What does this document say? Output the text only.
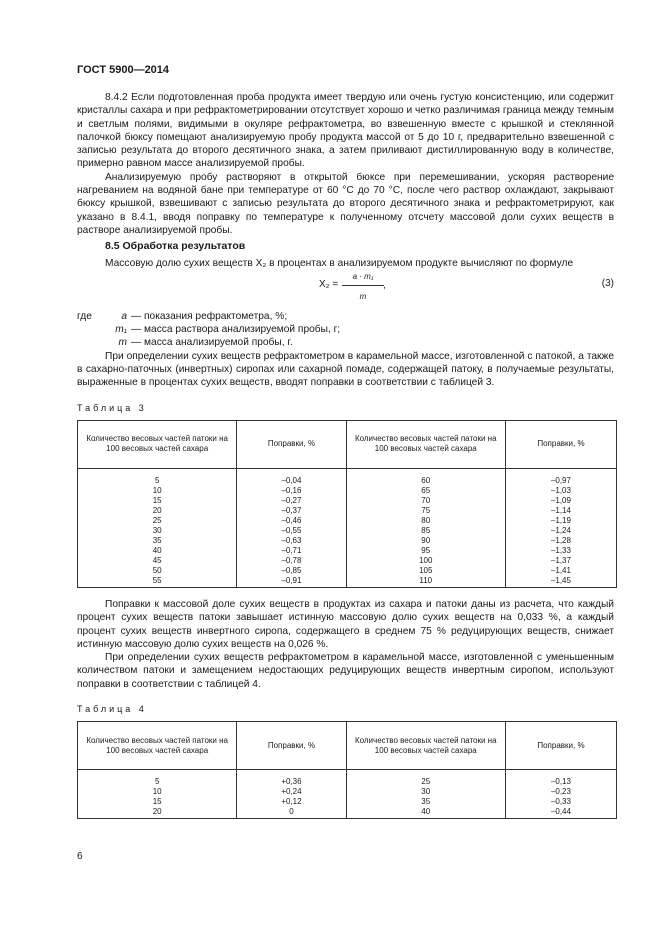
ГОСТ 5900—2014

8.4.2 Если подготовленная проба продукта имеет твердую или очень густую консистенцию, или содержит кристаллы сахара и при рефрактометрировании отсутствует хорошо и четко различимая граница между темным и светлым полями, видимыми в окуляре рефрактометра, во взвешенную вместе с крышкой и стеклянной палочкой бюксу помещают анализируемую пробу продукта массой от 5 до 10 г, предварительно взвешенной с записью результата до второго десятичного знака, а затем приливают дистиллированную воду в количестве, примерно равном массе анализируемой пробы.

Анализируемую пробу растворяют в открытой бюксе при перемешивании, ускоряя растворение нагреванием на водяной бане при температуре от 60 °С до 70 °С, после чего раствор охлаждают, закрывают бюксу крышкой, взвешивают с записью результата до второго десятичного знака и рефрактометрируют, как указано в 8.4.1, вводя поправку по температуре к полученному отсчету массовой доли сухих веществ в растворе анализируемой пробы.

8.5 Обработка результатов

Массовую долю сухих веществ X₂ в процентах в анализируемом продукте вычисляют по формуле

$X_2 = \frac{\text{a · m₁}}{m}$ ,	(3)
где	a — показания рефрактометра, %;
m₁ — масса раствора анализируемой пробы, г;
m — масса анализируемой пробы, г.

При определении сухих веществ рефрактометром в карамельной массе, изготовленной с патокой, а также в сахарно-паточных (инвертных) сиропах или сахарной помаде, содержащей патоку, в получаемые результаты, выраженные в процентах сухих веществ, вводят поправки в соответствии с таблицей 3.

Таблица 3
Количество весовых частей патоки на 100 весовых частей сахара	Поправки, %	Количество весовых частей патоки на 100 весовых частей сахара	Поправки, %
5	–0,04	60	–0,97
10	–0,16	65	–1,03
15	–0,27	70	–1,09
20	–0,37	75	–1,14
25	–0,46	80	–1,19
30	–0,55	85	–1,24
35	–0,63	90	–1,28
40	–0,71	95	–1,33
45	–0,78	100	–1,37
50	–0,85	105	–1,41
55	–0,91	110	–1,45

Поправки к массовой доле сухих веществ в продуктах из сахара и патоки даны из расчета, что каждый процент сухих веществ патоки завышает истинную массовую долю сухих веществ на 0,033 %, а каждый процент сухих веществ инвертного сиропа, содержащего в среднем 75 % редуцирующих веществ, снижает истинную массовую долю сухих веществ на 0,026 %.

При определении сухих веществ рефрактометром в карамельной массе, изготовленной с уменьшенным количеством патоки и замещением недостающих редуцирующих веществ инвертным сиропом, используют поправки в соответствии с таблицей 4.

Таблица 4
Количество весовых частей патоки на 100 весовых частей сахара	Поправки, %	Количество весовых частей патоки на 100 весовых частей сахара	Поправки, %
5	+0,36	25	–0,13
10	+0,24	30	–0,23
15	+0,12	35	–0,33
20	0	40	–0,44
6
